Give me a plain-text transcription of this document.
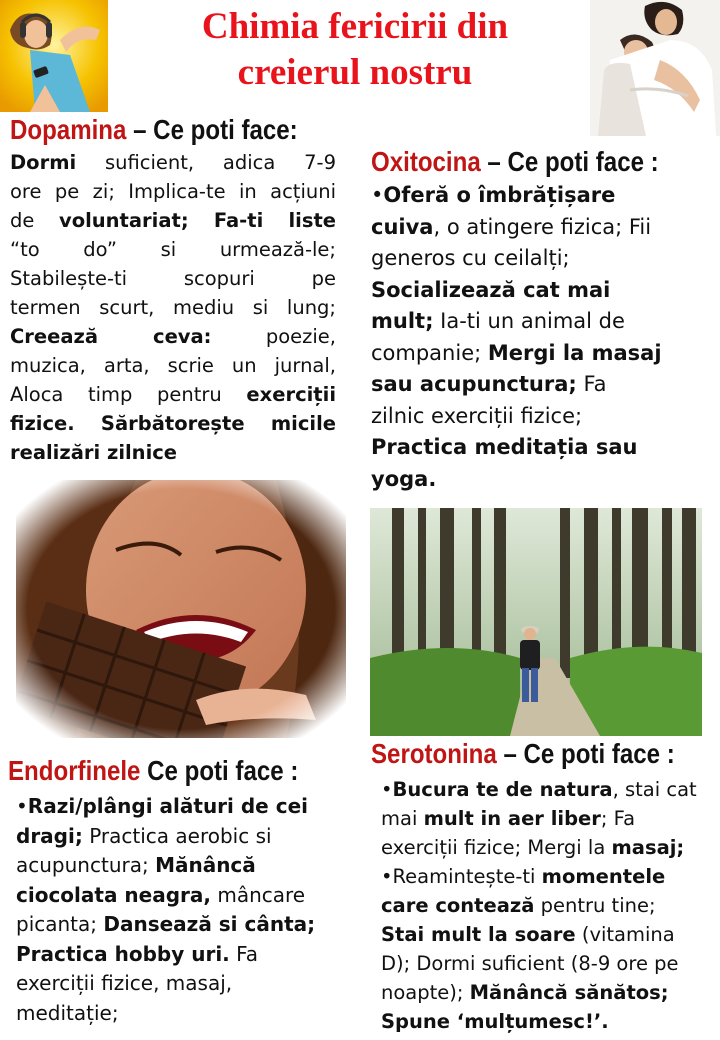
Chimia fericirii din
creierul nostru
Dopamina – Ce poti face:
Dormi suficient, adica 7-9
ore pe zi; Implica-te in acțiuni
de voluntariat; Fa-ti liste
“to do” si urmează-le;
Stabilește-ti scopuri pe
termen scurt, mediu si lung;
Creează ceva: poezie,
muzica, arta, scrie un jurnal,
Aloca timp pentru exerciții
fizice. Sărbătorește micile
realizări zilnice
Oxitocina – Ce poti face :
•Oferă o îmbrățișare
cuiva, o atingere fizica; Fii
generos cu ceilalți;
Socializează cat mai
mult; Ia-ti un animal de
companie; Mergi la masaj
sau acupunctura; Fa
zilnic exerciții fizice;
Practica meditația sau
yoga.
Serotonina – Ce poti face :
•Bucura te de natura, stai cat
mai mult in aer liber; Fa
exerciții fizice; Mergi la masaj;
•Reamintește-ti momentele
care contează pentru tine;
Stai mult la soare (vitamina
D); Dormi suficient (8-9 ore pe
noapte); Mănâncă sănătos;
Spune ‘mulțumesc!’.
Endorfinele Ce poti face :
•Razi/plângi alături de cei
dragi; Practica aerobic si
acupunctura; Mănâncă
ciocolata neagra, mâncare
picanta; Dansează si cânta;
Practica hobby uri. Fa
exerciții fizice, masaj,
meditație;
